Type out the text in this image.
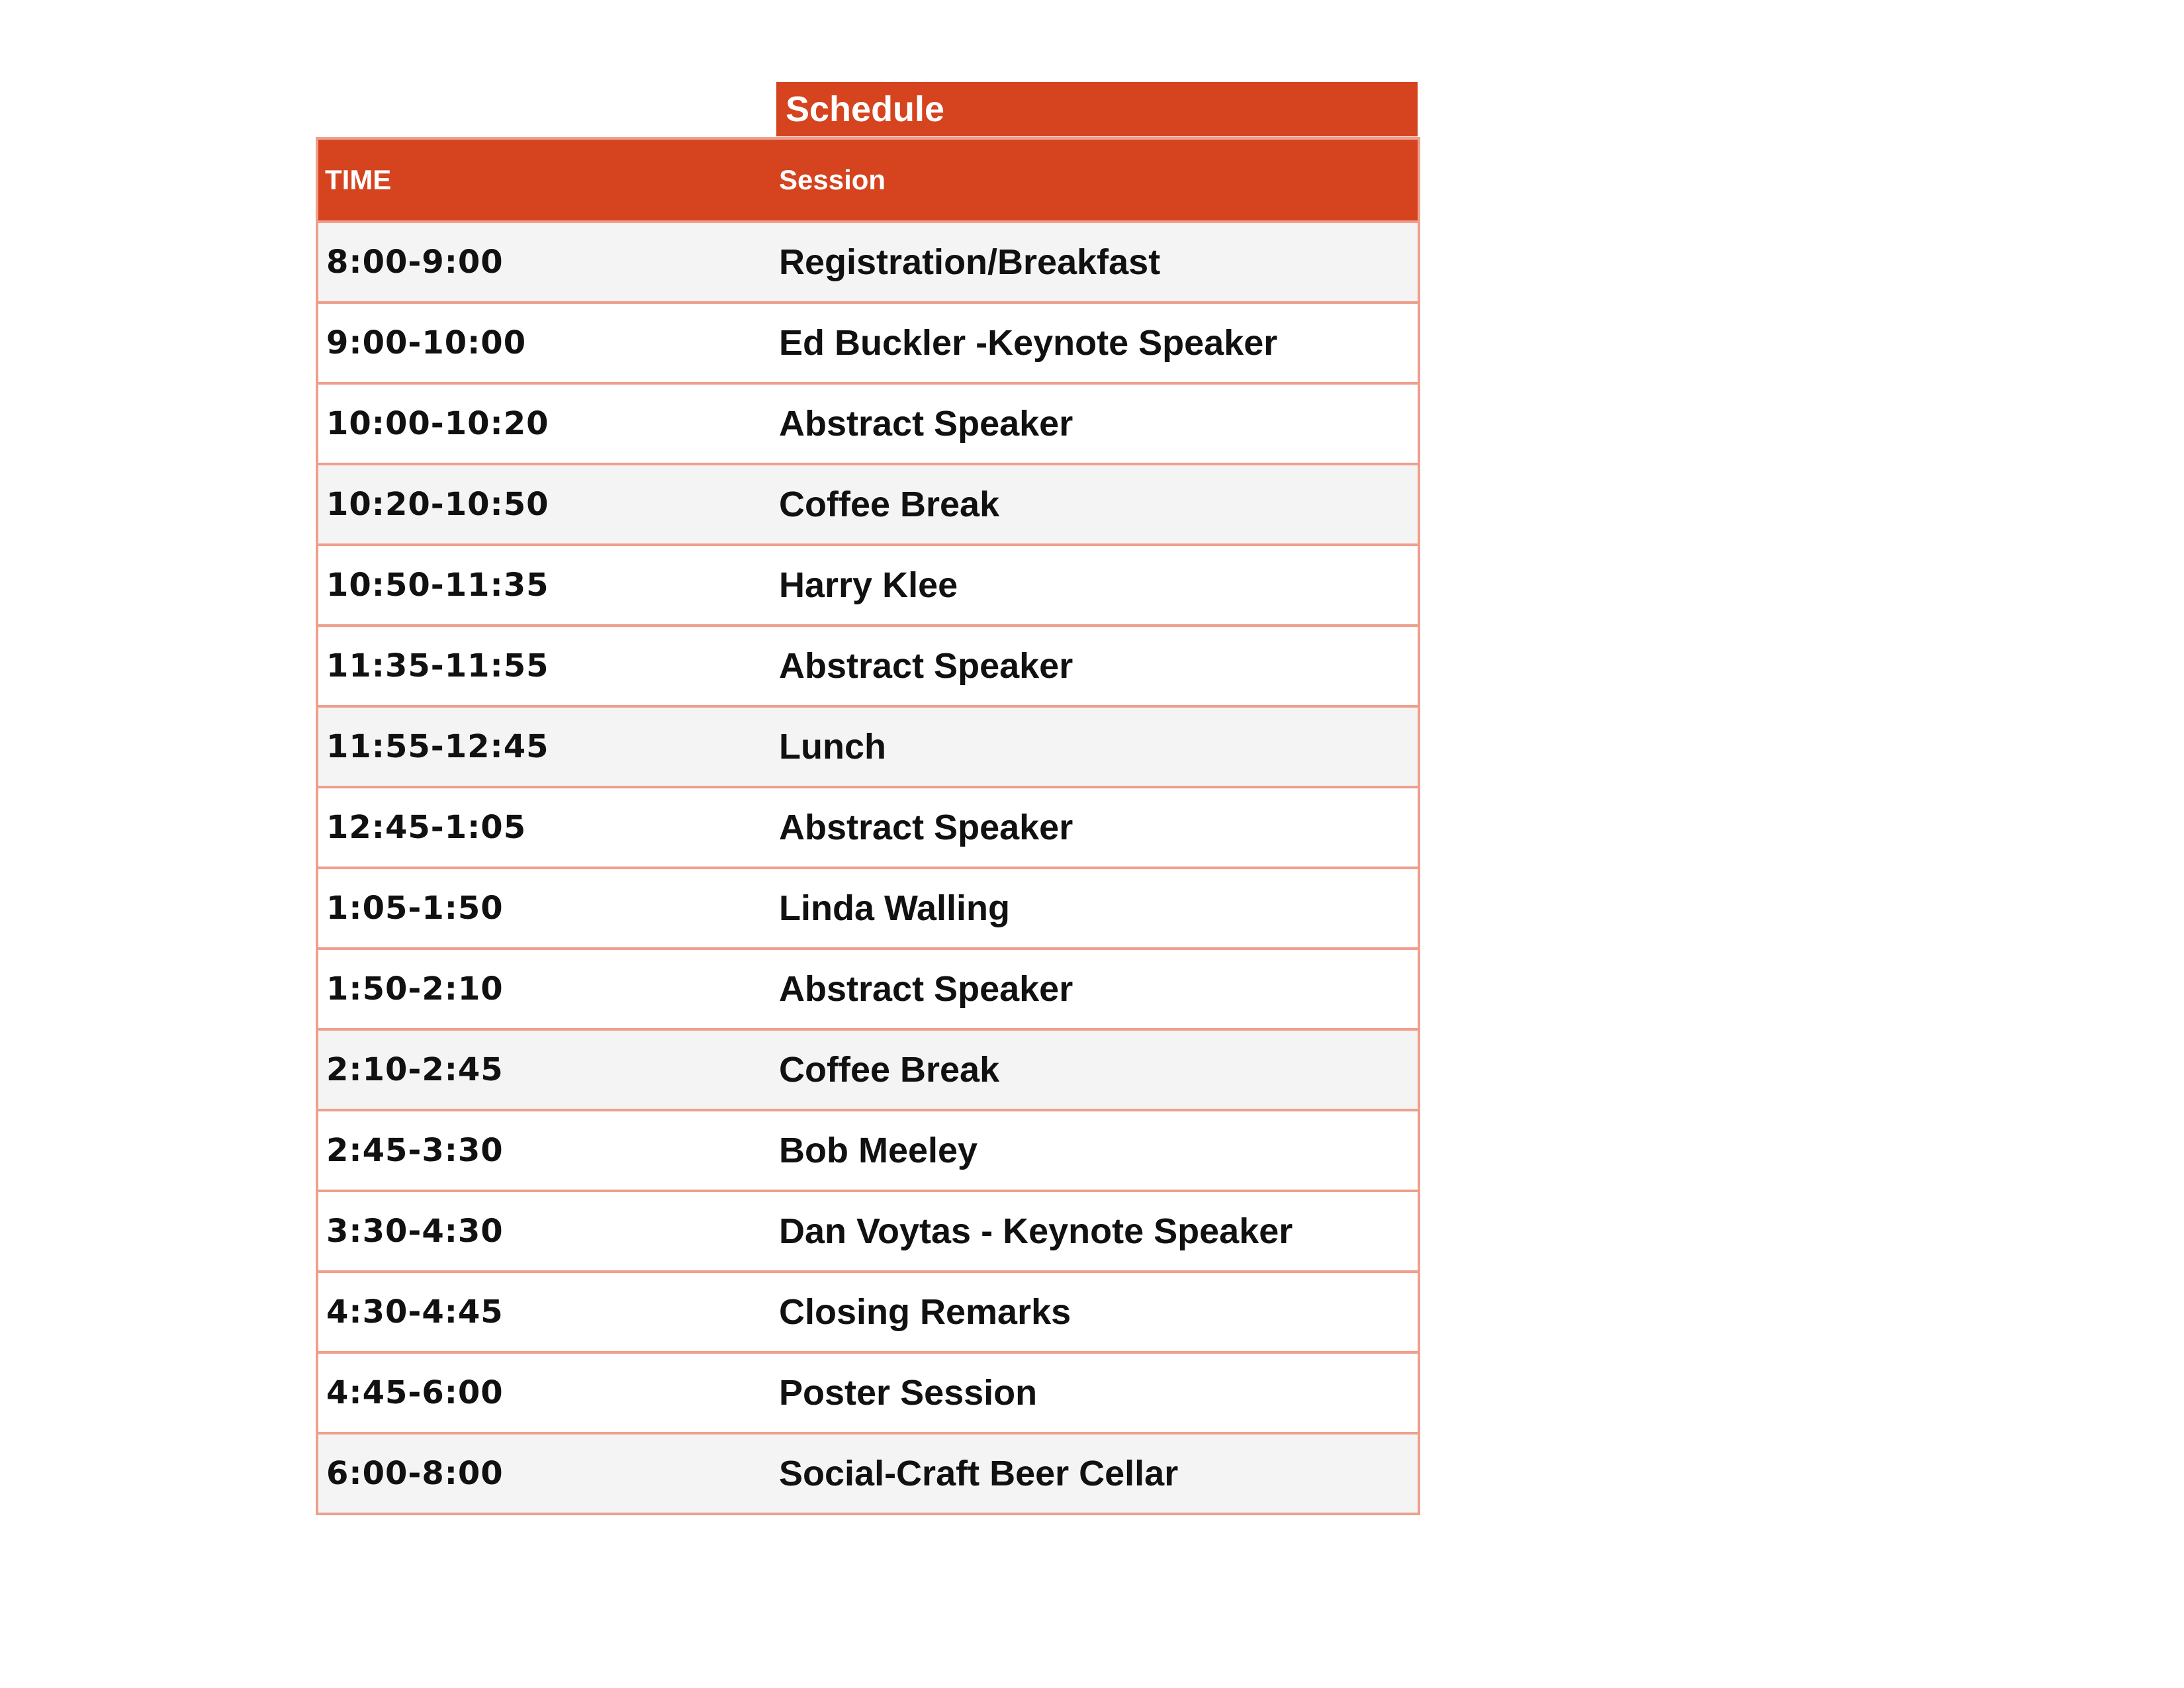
Schedule
TIME	Session
8:00-9:00	Registration/Breakfast
9:00-10:00	Ed Buckler -Keynote Speaker
10:00-10:20	Abstract Speaker
10:20-10:50	Coffee Break
10:50-11:35	Harry Klee
11:35-11:55	Abstract Speaker
11:55-12:45	Lunch
12:45-1:05	Abstract Speaker
1:05-1:50	Linda Walling
1:50-2:10	Abstract Speaker
2:10-2:45	Coffee Break
2:45-3:30	Bob Meeley
3:30-4:30	Dan Voytas - Keynote Speaker
4:30-4:45	Closing Remarks
4:45-6:00	Poster Session
6:00-8:00	Social-Craft Beer Cellar
